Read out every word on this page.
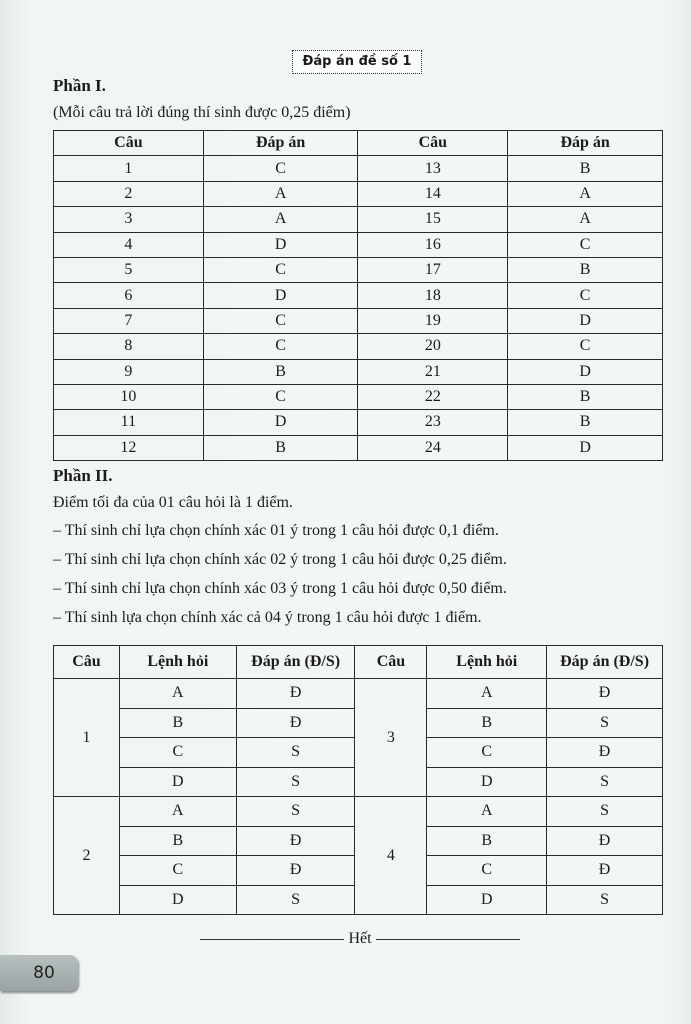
Đáp án đề số 1
Phần I.
(Mỗi câu trả lời đúng thí sinh được 0,25 điểm)
Câu	Đáp án	Câu	Đáp án
1	C	13	B
2	A	14	A
3	A	15	A
4	D	16	C
5	C	17	B
6	D	18	C
7	C	19	D
8	C	20	C
9	B	21	D
10	C	22	B
11	D	23	B
12	B	24	D
Phần II.
Điểm tối đa của 01 câu hỏi là 1 điểm.
– Thí sinh chỉ lựa chọn chính xác 01 ý trong 1 câu hỏi được 0,1 điểm.
– Thí sinh chỉ lựa chọn chính xác 02 ý trong 1 câu hỏi được 0,25 điểm.
– Thí sinh chỉ lựa chọn chính xác 03 ý trong 1 câu hỏi được 0,50 điểm.
– Thí sinh lựa chọn chính xác cả 04 ý trong 1 câu hỏi được 1 điểm.
Câu	Lệnh hỏi	Đáp án (Đ/S)	Câu	Lệnh hỏi	Đáp án (Đ/S)
1	A	Đ	3	A	Đ
	B	Đ		B	S
	C	S		C	Đ
	D	S		D	S
2	A	S	4	A	S
	B	Đ		B	Đ
	C	Đ		C	Đ
	D	S		D	S
Hết
80
